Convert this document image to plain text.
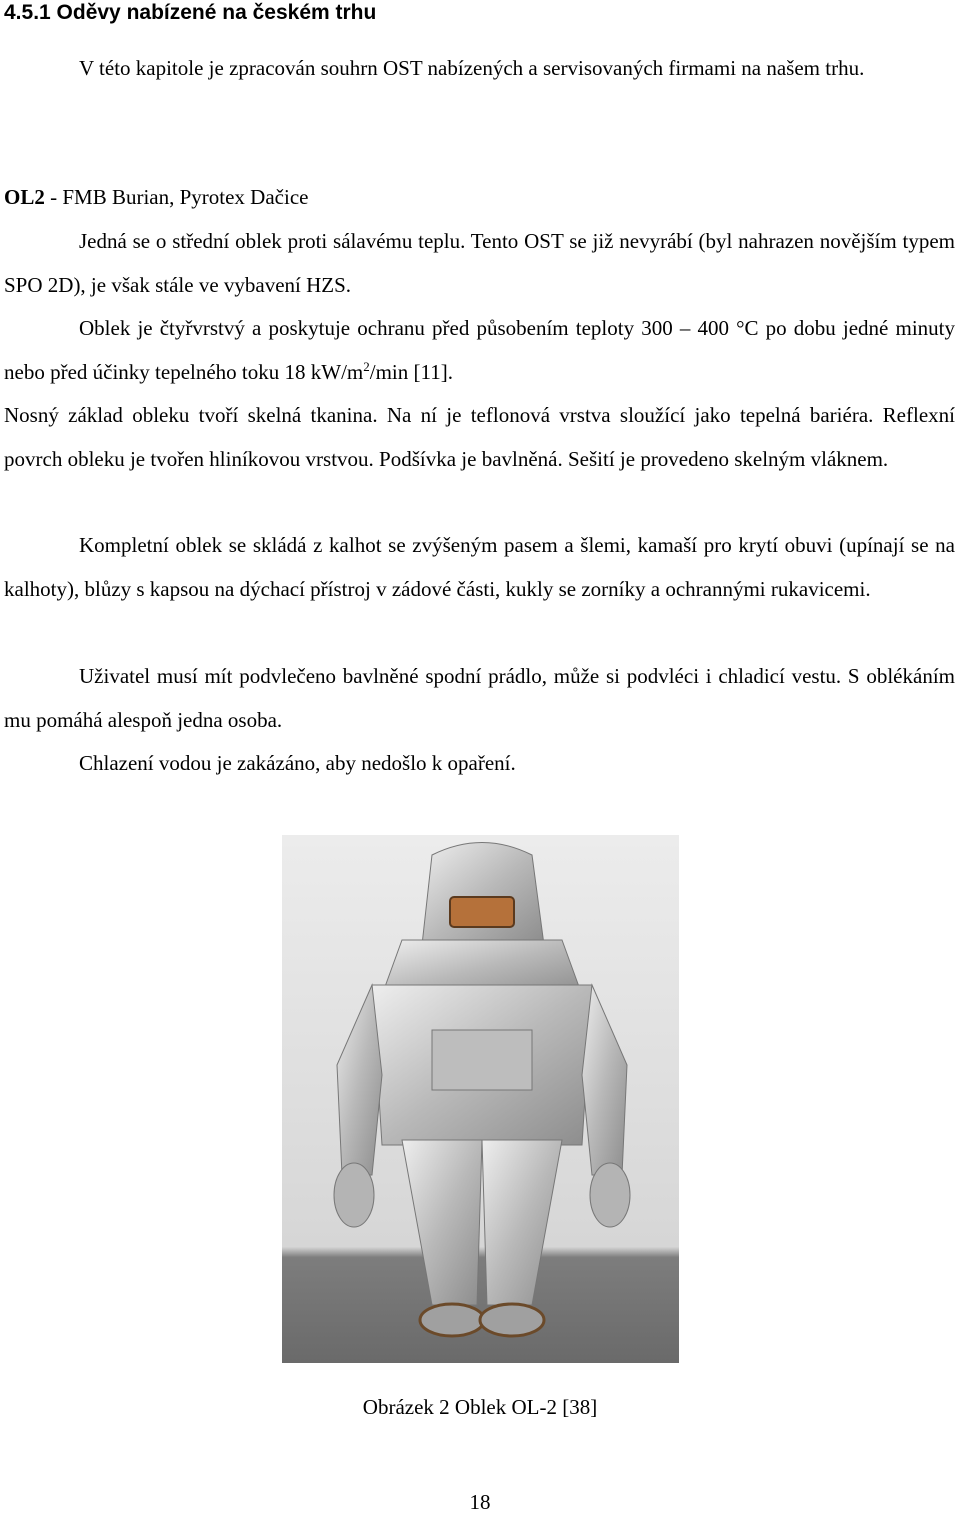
4.5.1 Oděvy nabízené na českém trhu

V této kapitole je zpracován souhrn OST nabízených a servisovaných firmami na našem trhu.

OL2 - FMB Burian, Pyrotex Dačice

Jedná se o střední oblek proti sálavému teplu. Tento OST se již nevyrábí (byl nahrazen novějším typem SPO 2D), je však stále ve vybavení HZS.

Oblek je čtyřvrstvý a poskytuje ochranu před působením teploty 300 – 400 °C po dobu jedné minuty nebo před účinky tepelného toku 18 $kW/m^2/\min$ [11].

Nosný základ obleku tvoří skelná tkanina. Na ní je teflonová vrstva sloužící jako tepelná bariéra. Reflexní povrch obleku je tvořen hliníkovou vrstvou. Podšívka je bavlněná. Sešití je provedeno skelným vláknem.

Kompletní oblek se skládá z kalhot se zvýšeným pasem a šlemi, kamaší pro krytí obuvi (upínají se na kalhoty), blůzy s kapsou na dýchací přístroj v zádové části, kukly se zorníky a ochrannými rukavicemi.

Uživatel musí mít podvlečeno bavlněné spodní prádlo, může si podvléci i chladicí vestu. S oblékáním mu pomáhá alespoň jedna osoba.

Chlazení vodou je zakázáno, aby nedošlo k opaření.

Obrázek 2 Oblek OL-2 [38]
18
